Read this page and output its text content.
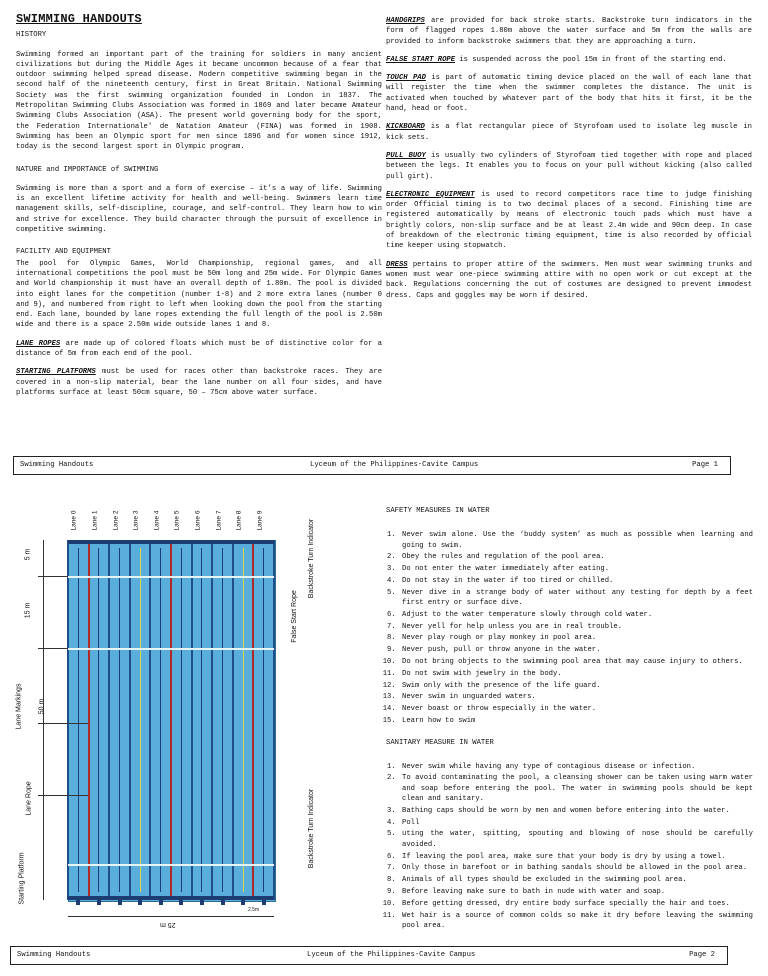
SWIMMING HANDOUTS
HISTORY

Swimming formed an important part of the training for soldiers in many ancient civilizations but during the Middle Ages it became uncommon because of a fear that outdoor swimming helped spread disease. Modern competitive swimming began in the second half of the nineteenth century, first in Great Britain. National Swimming Society was the first swimming organization founded in London in 1837. The Metropolitan Swimming Clubs Association was formed in 1869 and later became Amateur Swimming Clubs Association (ASA). The present world governing body for the sport, the Federation Internationale' de Natation Amateur (FINA) was formed in 1908. Swimming has been an Olympic sport for men since 1896 and for women since 1912, today is the second largest sport in Olympic program.

NATURE and IMPORTANCE of SWIMMING

Swimming is more than a sport and a form of exercise – it’s a way of life. Swimming is an excellent lifetime activity for health and well-being. Swimmers learn time management skills, self-discipline, courage, and self-control. They learn how to win and strive for excellence. They build character through the pursuit of excellence in competitive swimming.

FACILITY AND EQUIPMENT

The pool for Olympic Games, World Championship, regional games, and all international competitions the pool must be 50m long and 25m wide. For Olympic Games and World championship it must have an overall depth of 1.80m. The pool is divided into eight lanes for the competition (number 1-8) and 2 more extra lanes (number 0 and 9), and numbered from right to left when looking down the pool from the starting end. Each lane, bounded by lane ropes extending the full length of the pool is 2.50m wide and there is a space 2.50m wide outside lanes 1 and 8.

LANE ROPES are made up of colored floats which must be of distinctive color for a distance of 5m from each end of the pool.

STARTING PLATFORMS must be used for races other than backstroke races. They are covered in a non-slip material, bear the lane number on all four sides, and have platforms surface at least 50cm square, 50 – 75cm above water surface.

HANDGRIPS are provided for back stroke starts. Backstroke turn indicators in the form of flagged ropes 1.80m above the water surface and 5m from the walls are provided to inform backstroke swimmers that they are approaching a turn.

FALSE START ROPE is suspended across the pool 15m in front of the starting end.

TOUCH PAD is part of automatic timing device placed on the wall of each lane that will register the time when the swimmer completes the distance. The unit is activated when touched by whatever part of the body that hits it first, it be the hand, head or foot.

KICKBOARD is a flat rectangular piece of Styrofoam used to isolate leg muscle in kick sets.

PULL BUOY is usually two cylinders of Styrofoam tied together with rope and placed between the legs. It enables you to focus on your pull without kicking (also called pull girt).

ELECTRONIC EQUIPMENT is used to record competitors race time to judge finishing order Official timing is to two decimal places of a second. Finishing time are registered automatically by means of electronic touch pads which must have a brightly colors, non-slip surface and be at least 2.4m wide and 90cm deep. In case of breakdown of the electronic timing equipment, time is also recorded by official time keeper using stopwatch.

DRESS pertains to proper attire of the swimmers. Men must wear swimming trunks and women must wear one-piece swimming attire with no open work or cut except at the back. Regulations concerning the cut of costumes are designed to prevent immodest dress. Caps and goggles may be worn if desired.

Swimming Handouts	Lyceum of the Philippines-Cavite Campus	Page 1
Lane 0 Lane 1 Lane 2 Lane 3 Lane 4 Lane 5 Lane 6 Lane 7 Lane 8 Lane 9
5 m
15 m
50 m
Lane Markings
Lane Rope
Starting Platform
Backstroke Turn Indicator
False Start Rope
Backstroke Turn Indicator
25 m
2.5m
SAFETY MEASURES IN WATER
1. Never swim alone. Use the ‘buddy system’ as much as possible when learning and going to swim.
2. Obey the rules and regulation of the pool area.
3. Do not enter the water immediately after eating.
4. Do not stay in the water if too tired or chilled.
5. Never dive in a strange body of water without any testing for depth by a feet first entry or surface dive.
6. Adjust to the water temperature slowly through cold water.
7. Never yell for help unless you are in real trouble.
8. Never play rough or play monkey in pool area.
9. Never push, pull or throw anyone in the water.
10. Do not bring objects to the swimming pool area that may cause injury to others.
11. Do not swim with jewelry in the body.
12. Swim only with the presence of the life guard.
13. Never swim in unguarded waters.
14. Never boast or throw especially in the water.
15. Learn how to swim
SANITARY MEASURE IN WATER
1. Never swim while having any type of contagious disease or infection.
2. To avoid contaminating the pool, a cleansing shower can be taken using warm water and soap before entering the pool. The water in swimming pools should be kept clean and sanitary.
3. Bathing caps should be worn by men and women before entering into the water.
4. Poll
5. uting the water, spitting, spouting and blowing of nose should be carefully avoided.
6. If leaving the pool area, make sure that your body is dry by using a towel.
7. Only those in barefoot or in bathing sandals should be allowed in the pool area.
8. Animals of all types should be excluded in the swimming pool area.
9. Before leaving make sure to bath in nude with water and soap.
10. Before getting dressed, dry entire body surface specially the hair and toes.
11. Wet hair is a source of common colds so make it dry before leaving the swimming pool area.
Swimming Handouts	Lyceum of the Philippines-Cavite Campus	Page 2
